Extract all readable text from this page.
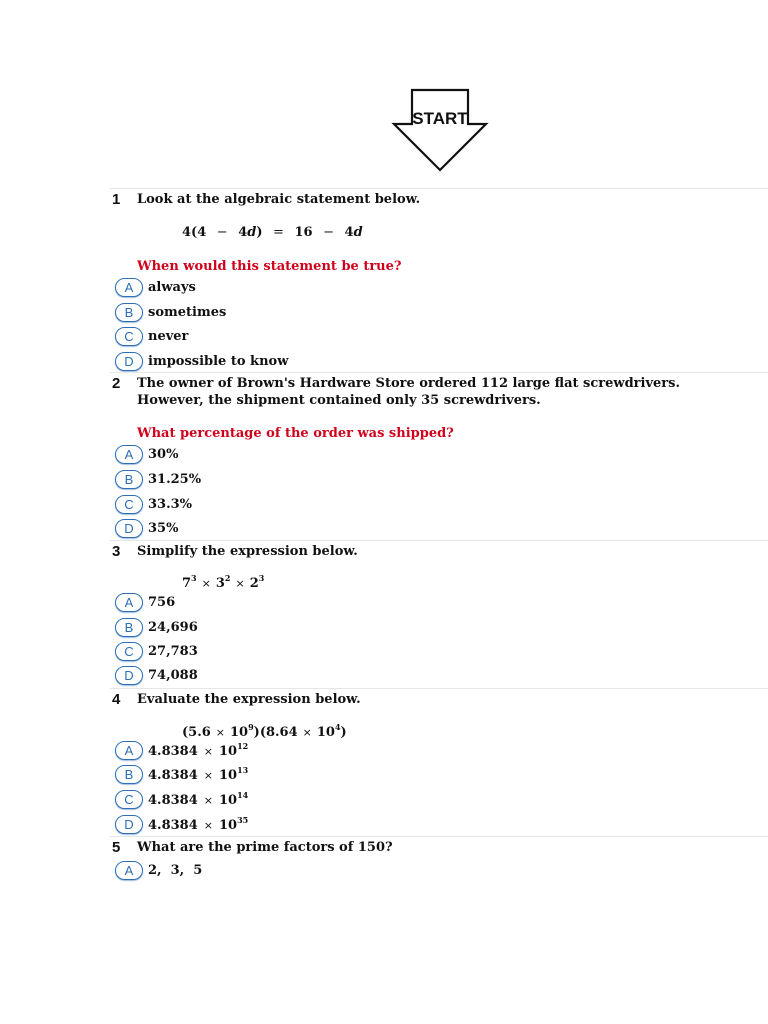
START
1 Look at the algebraic statement below.
4(4 − 4d) = 16 − 4d
When would this statement be true?
A	always
B	sometimes
C	never
D	impossible to know
2 The owner of Brown's Hardware Store ordered 112 large flat screwdrivers. However, the shipment contained only 35 screwdrivers.
What percentage of the order was shipped?
A	30%
B	31.25%
C	33.3%
D	35%
3 Simplify the expression below.
$7^3 \times 3^2 \times 2^3$
A	756
B	24,696
C	27,783
D	74,088
4 Evaluate the expression below.
$(5.6 \times 10^9)(8.64 \times 10^4)$
A	$4.8384 \times 10^{12}$
B	$4.8384 \times 10^{13}$
C	$4.8384 \times 10^{14}$
D	$4.8384 \times 10^{35}$
5 What are the prime factors of 150?
A	2,  3,  5
